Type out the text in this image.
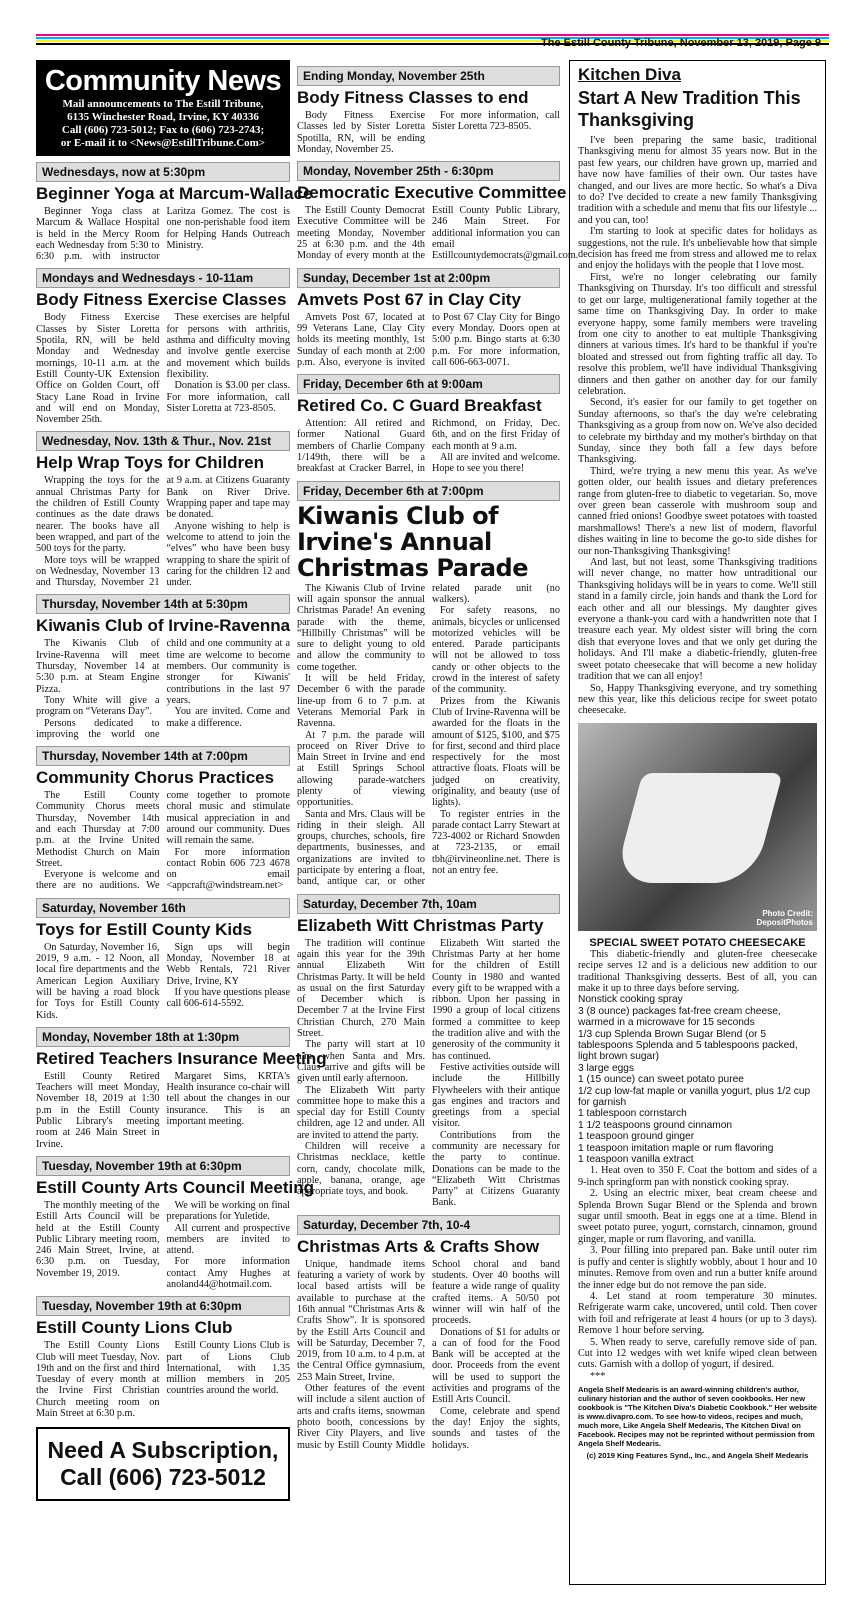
The Estill County Tribune, November 13, 2019, Page 9
Community News

Mail announcements to The Estill Tribune,

6135 Winchester Road, Irvine, KY 40336

Call (606) 723-5012; Fax to (606) 723-2743;

or E-mail it to <News@EstillTribune.Com>

Wednesdays, now at 5:30pm
Beginner Yoga at Marcum-Wallace

Beginner Yoga class at Marcum & Wallace Hospital is held in the Mercy Room each Wednesday from 5:30 to 6:30 p.m. with instructor Laritza Gomez. The cost is one non-perishable food item for Helping Hands Outreach Ministry.

Mondays and Wednesdays - 10-11am
Body Fitness Exercise Classes

Body Fitness Exercise Classes by Sister Loretta Spotila, RN, will be held Monday and Wednesday mornings, 10-11 a.m. at the Estill County-UK Extension Office on Golden Court, off Stacy Lane Road in Irvine and will end on Monday, November 25th.

These exercises are helpful for persons with arthritis, asthma and difficulty moving and involve gentle exercise and movement which builds flexibility.

Donation is $3.00 per class. For more information, call Sister Loretta at 723-8505.

Wednesday, Nov. 13th & Thur., Nov. 21st
Help Wrap Toys for Children

Wrapping the toys for the annual Christmas Party for the children of Estill County continues as the date draws nearer. The books have all been wrapped, and part of the 500 toys for the party.

More toys will be wrapped on Wednesday, November 13 and Thursday, November 21 at 9 a.m. at Citizens Guaranty Bank on River Drive. Wrapping paper and tape may be donated.

Anyone wishing to help is welcome to attend to join the “elves” who have been busy wrapping to share the spirit of caring for the children 12 and under.

Thursday, November 14th at 5:30pm
Kiwanis Club of Irvine-Ravenna

The Kiwanis Club of Irvine-Ravenna will meet Thursday, November 14 at 5:30 p.m. at Steam Engine Pizza.

Tony White will give a program on “Veterans Day”.

Persons dedicated to improving the world one child and one community at a time are welcome to become members. Our community is stronger for Kiwanis' contributions in the last 97 years.

You are invited. Come and make a difference.

Thursday, November 14th at 7:00pm
Community Chorus Practices

The Estill County Community Chorus meets Thursday, November 14th and each Thursday at 7:00 p.m. at the Irvine United Methodist Church on Main Street.

Everyone is welcome and there are no auditions. We come together to promote choral music and stimulate musical appreciation in and around our community. Dues will remain the same.

For more information contact Robin 606 723 4678 on email <appcraft@windstream.net>

Saturday, November 16th
Toys for Estill County Kids

On Saturday, November 16, 2019, 9 a.m. - 12 Noon, all local fire departments and the American Legion Auxiliary will be having a road block for Toys for Estill County Kids.

Sign ups will begin Monday, November 18 at Webb Rentals, 721 River Drive, Irvine, KY

If you have questions please call 606-614-5592.

Monday, November 18th at 1:30pm
Retired Teachers Insurance Meeting

Estill County Retired Teachers will meet Monday, November 18, 2019 at 1:30 p.m in the Estill County Public Library's meeting room at 246 Main Street in Irvine.

Margaret Sims, KRTA's Health insurance co-chair will tell about the changes in our insurance. This is an important meeting.

Tuesday, November 19th at 6:30pm
Estill County Arts Council Meeting

The monthly meeting of the Estill Arts Council will be held at the Estill County Public Library meeting room, 246 Main Street, Irvine, at 6:30 p.m. on Tuesday, November 19, 2019.

We will be working on final preparations for Yuletide.

All current and prospective members are invited to attend.

For more information contact Amy Hughes at anoland44@hotmail.com.

Tuesday, November 19th at 6:30pm
Estill County Lions Club

The Estill County Lions Club will meet Tuesday, Nov. 19th and on the first and third Tuesday of every month at the Irvine First Christian Church meeting room on Main Street at 6:30 p.m.

Estill County Lions Club is part of Lions Club International, with 1.35 million members in 205 countries around the world.

Need A Subscription,
Call (606) 723-5012
Ending Monday, November 25th
Body Fitness Classes to end

Body Fitness Exercise Classes led by Sister Loretta Spotilla, RN, will be ending Monday, November 25.

For more information, call Sister Loretta 723-8505.

Monday, November 25th - 6:30pm
Democratic Executive Committee

The Estill County Democrat Executive Committee will be meeting Monday, November 25 at 6:30 p.m. and the 4th Monday of every month at the Estill County Public Library, 246 Main Street. For additional information you can email Estillcountydemocrats@gmail.com.

Sunday, December 1st at 2:00pm
Amvets Post 67 in Clay City

Amvets Post 67, located at 99 Veterans Lane, Clay City holds its meeting monthly, 1st Sunday of each month at 2:00 p.m. Also, everyone is invited to Post 67 Clay City for Bingo every Monday. Doors open at 5:00 p.m. Bingo starts at 6:30 p.m. For more information, call 606-663-0071.

Friday, December 6th at 9:00am
Retired Co. C Guard Breakfast

Attention: All retired and former National Guard members of Charlie Company 1/149th, there will be a breakfast at Cracker Barrel, in Richmond, on Friday, Dec. 6th, and on the first Friday of each month at 9 a.m.

All are invited and welcome. Hope to see you there!

Friday, December 6th at 7:00pm
Kiwanis Club of Irvine's Annual Christmas Parade

The Kiwanis Club of Irvine will again sponsor the annual Christmas Parade! An evening parade with the theme, “Hillbilly Christmas” will be sure to delight young to old and allow the community to come together.

It will be held Friday, December 6 with the parade line-up from 6 to 7 p.m. at Veterans Memorial Park in Ravenna.

At 7 p.m. the parade will proceed on River Drive to Main Street in Irvine and end at Estill Springs School allowing parade-watchers plenty of viewing opportunities.

Santa and Mrs. Claus will be riding in their sleigh. All groups, churches, schools, fire departments, businesses, and organizations are invited to participate by entering a float, band, antique car, or other related parade unit (no walkers).

For safety reasons, no animals, bicycles or unlicensed motorized vehicles will be entered. Parade participants will not be allowed to toss candy or other objects to the crowd in the interest of safety of the community.

Prizes from the Kiwanis Club of Irvine-Ravenna will be awarded for the floats in the amount of $125, $100, and $75 for first, second and third place respectively for the most attractive floats. Floats will be judged on creativity, originality, and beauty (use of lights).

To register entries in the parade contact Larry Stewart at 723-4002 or Richard Snowden at 723-2135, or email tbh@irvineonline.net. There is not an entry fee.

Saturday, December 7th, 10am
Elizabeth Witt Christmas Party

The tradition will continue again this year for the 39th annual Elizabeth Witt Christmas Party. It will be held as usual on the first Saturday of December which is December 7 at the Irvine First Christian Church, 270 Main Street.

The party will start at 10 a.m. when Santa and Mrs. Claus arrive and gifts will be given until early afternoon.

The Elizabeth Witt party committee hope to make this a special day for Estill County children, age 12 and under. All are invited to attend the party.

Children will receive a Christmas necklace, kettle corn, candy, chocolate milk, apple, banana, orange, age appropriate toys, and book.

Elizabeth Witt started the Christmas Party at her home for the children of Estill County in 1980 and wanted every gift to be wrapped with a ribbon. Upon her passing in 1990 a group of local citizens formed a committee to keep the tradition alive and with the generosity of the community it has continued.

Festive activities outside will include the Hillbilly Flywheelers with their antique gas engines and tractors and greetings from a special visitor.

Contributions from the community are necessary for the party to continue. Donations can be made to the “Elizabeth Witt Christmas Party” at Citizens Guaranty Bank.

Saturday, December 7th, 10-4
Christmas Arts & Crafts Show

Unique, handmade items featuring a variety of work by local based artists will be available to purchase at the 16th annual “Christmas Arts & Crafts Show”. It is sponsored by the Estill Arts Council and will be Saturday, December 7, 2019, from 10 a.m. to 4 p.m. at the Central Office gymnasium, 253 Main Street, Irvine.

Other features of the event will include a silent auction of arts and crafts items, snowman photo booth, concessions by River City Players, and live music by Estill County Middle School choral and band students. Over 40 booths will feature a wide range of quality crafted items. A 50/50 pot winner will win half of the proceeds.

Donations of $1 for adults or a can of food for the Food Bank will be accepted at the door. Proceeds from the event will be used to support the activities and programs of the Estill Arts Council.

Come, celebrate and spend the day! Enjoy the sights, sounds and tastes of the holidays.

Kitchen Diva
Start A New Tradition This Thanksgiving

I've been preparing the same basic, traditional Thanksgiving menu for almost 35 years now. But in the past few years, our children have grown up, married and have now have families of their own. Our tastes have changed, and our lives are more hectic. So what's a Diva to do? I've decided to create a new family Thanksgiving tradition with a schedule and menu that fits our lifestyle ... and you can, too!

I'm starting to look at specific dates for holidays as suggestions, not the rule. It's unbelievable how that simple decision has freed me from stress and allowed me to relax and enjoy the holidays with the people that I love most.

First, we're no longer celebrating our family Thanksgiving on Thursday. It's too difficult and stressful to get our large, multigenerational family together at the same time on Thanksgiving Day. In order to make everyone happy, some family members were traveling from one city to another to eat multiple Thanksgiving dinners at various times. It's hard to be thankful if you're bloated and stressed out from fighting traffic all day. To resolve this problem, we'll have individual Thanksgiving dinners and then gather on another day for our family celebration.

Second, it's easier for our family to get together on Sunday afternoons, so that's the day we're celebrating Thanksgiving as a group from now on. We've also decided to celebrate my birthday and my mother's birthday on that Sunday, since they both fall a few days before Thanksgiving.

Third, we're trying a new menu this year. As we've gotten older, our health issues and dietary preferences range from gluten-free to diabetic to vegetarian. So, move over green bean casserole with mushroom soup and canned fried onions! Goodbye sweet potatoes with toasted marshmallows! There's a new list of modern, flavorful dishes waiting in line to become the go-to side dishes for our non-Thanksgiving Thanksgiving!

And last, but not least, some Thanksgiving traditions will never change, no matter how untraditional our Thanksgiving holidays will be in years to come. We'll still stand in a family circle, join hands and thank the Lord for each other and all our blessings. My daughter gives everyone a thank-you card with a handwritten note that I treasure each year. My oldest sister will bring the corn dish that everyone loves and that we only get during the holidays. And I'll make a diabetic-friendly, gluten-free sweet potato cheesecake that will become a new holiday tradition that we can all enjoy!

So, Happy Thanksgiving everyone, and try something new this year, like this delicious recipe for sweet potato cheesecake.

Photo Credit:
DepositPhotos
SPECIAL SWEET POTATO CHEESECAKE

This diabetic-friendly and gluten-free cheesecake recipe serves 12 and is a delicious new addition to our traditional Thanksgiving desserts. Best of all, you can make it up to three days before serving.

Nonstick cooking spray
3 (8 ounce) packages fat-free cream cheese, warmed in a microwave for 15 seconds
1/3 cup Splenda Brown Sugar Blend (or 5 tablespoons Splenda and 5 tablespoons packed, light brown sugar)
3 large eggs
1 (15 ounce) can sweet potato puree
1/2 cup low-fat maple or vanilla yogurt, plus 1/2 cup for garnish
1 tablespoon cornstarch
1 1/2 teaspoons ground cinnamon
1 teaspoon ground ginger
1 teaspoon imitation maple or rum flavoring
1 teaspoon vanilla extract

1. Heat oven to 350 F. Coat the bottom and sides of a 9-inch springform pan with nonstick cooking spray.

2. Using an electric mixer, beat cream cheese and Splenda Brown Sugar Blend or the Splenda and brown sugar until smooth. Beat in eggs one at a time. Blend in sweet potato puree, yogurt, cornstarch, cinnamon, ground ginger, maple or rum flavoring, and vanilla.

3. Pour filling into prepared pan. Bake until outer rim is puffy and center is slightly wobbly, about 1 hour and 10 minutes. Remove from oven and run a butter knife around the inner edge but do not remove the pan side.

4. Let stand at room temperature 30 minutes. Refrigerate warm cake, uncovered, until cold. Then cover with foil and refrigerate at least 4 hours (or up to 3 days). Remove 1 hour before serving.

5. When ready to serve, carefully remove side of pan. Cut into 12 wedges with wet knife wiped clean between cuts. Garnish with a dollop of yogurt, if desired.

***

Angela Shelf Medearis is an award-winning children's author, culinary historian and the author of seven cookbooks. Her new cookbook is "The Kitchen Diva's Diabetic Cookbook." Her website is www.divapro.com. To see how-to videos, recipes and much, much more, Like Angela Shelf Medearis, The Kitchen Diva! on Facebook. Recipes may not be reprinted without permission from Angela Shelf Medearis.
(c) 2019 King Features Synd., Inc., and Angela Shelf Medearis
